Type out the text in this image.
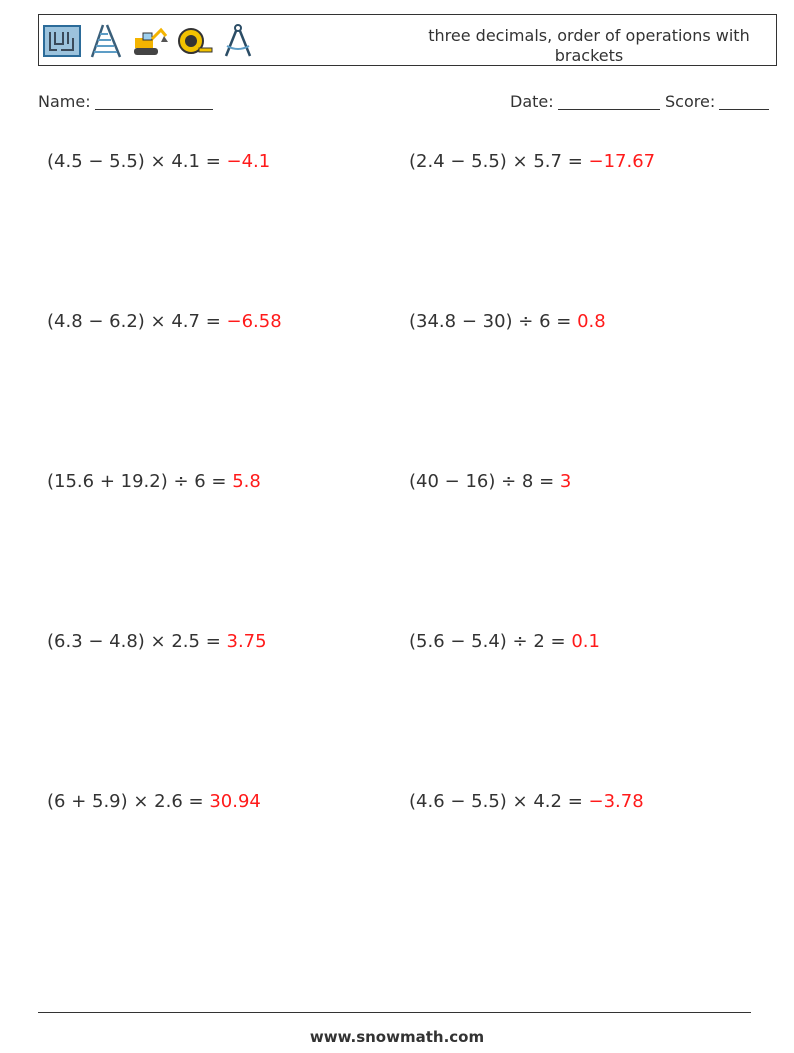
three decimals, order of operations with brackets
Name:	Date:	Score:
(4.5 − 5.5) × 4.1 = −4.1	(2.4 − 5.5) × 5.7 = −17.67
(4.8 − 6.2) × 4.7 = −6.58	(34.8 − 30) ÷ 6 = 0.8
(15.6 + 19.2) ÷ 6 = 5.8	(40 − 16) ÷ 8 = 3
(6.3 − 4.8) × 2.5 = 3.75	(5.6 − 5.4) ÷ 2 = 0.1
(6 + 5.9) × 2.6 = 30.94	(4.6 − 5.5) × 4.2 = −3.78
www.snowmath.com
